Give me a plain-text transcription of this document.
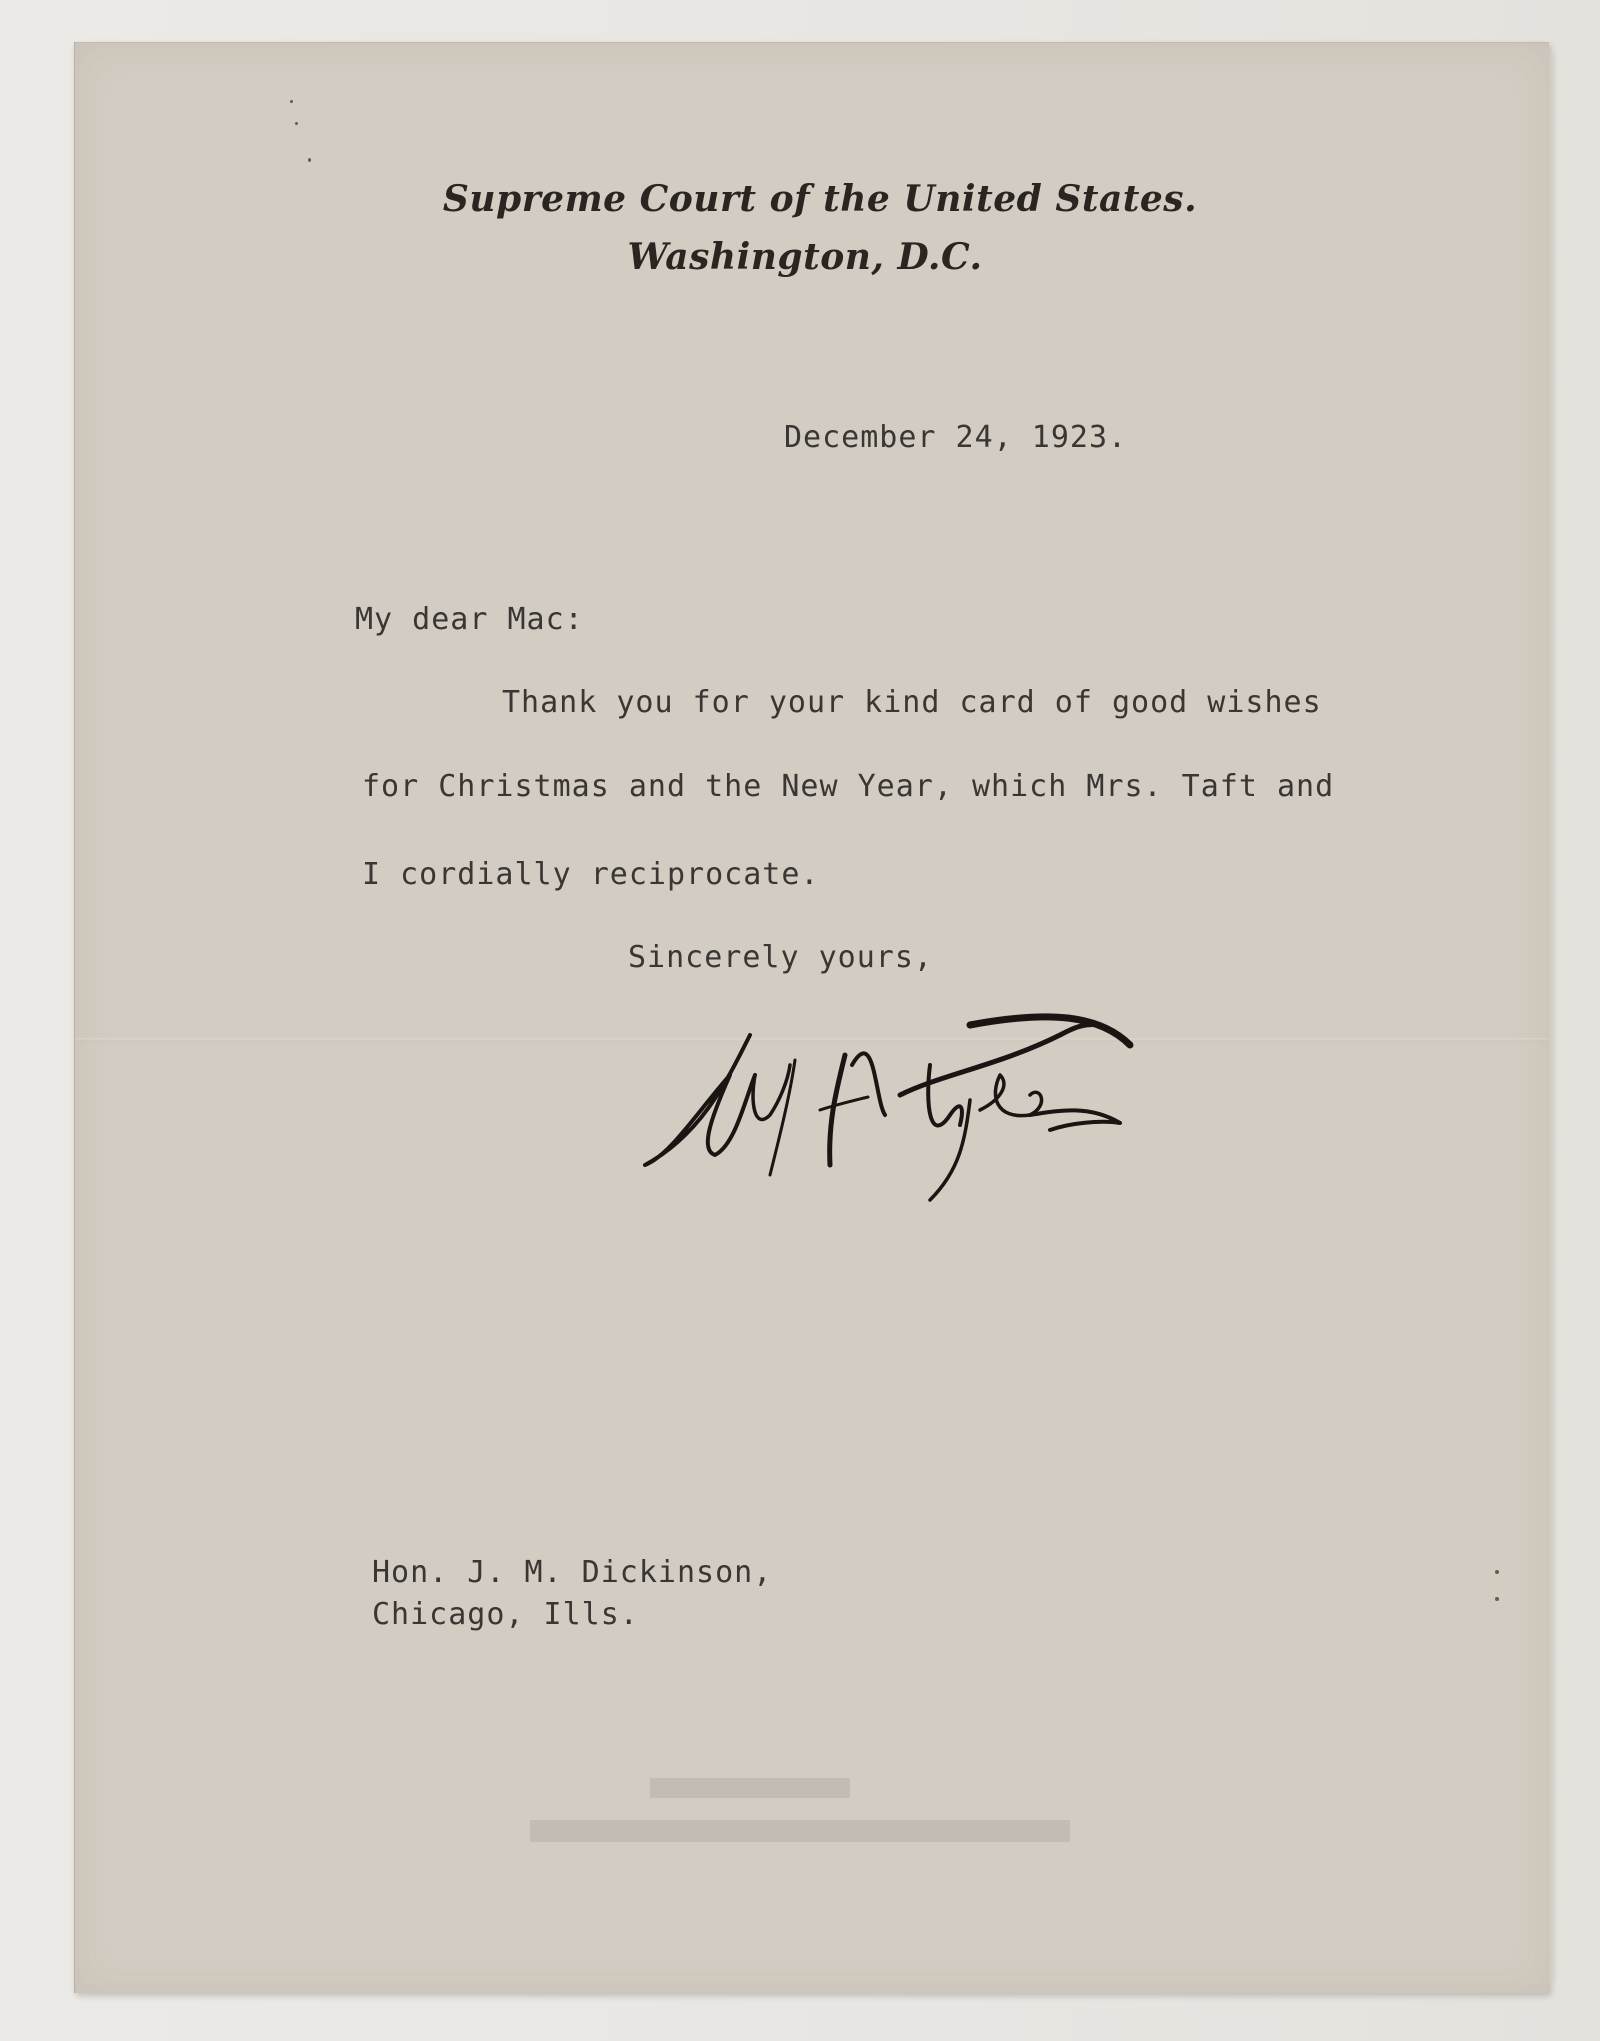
Supreme Court of the United States.
Washington, D.C.
December 24, 1923.
My dear Mac:
Thank you for your kind card of good wishes
for Christmas and the New Year, which Mrs. Taft and
I cordially reciprocate.
Sincerely yours,
Hon. J. M. Dickinson,
Chicago, Ills.
